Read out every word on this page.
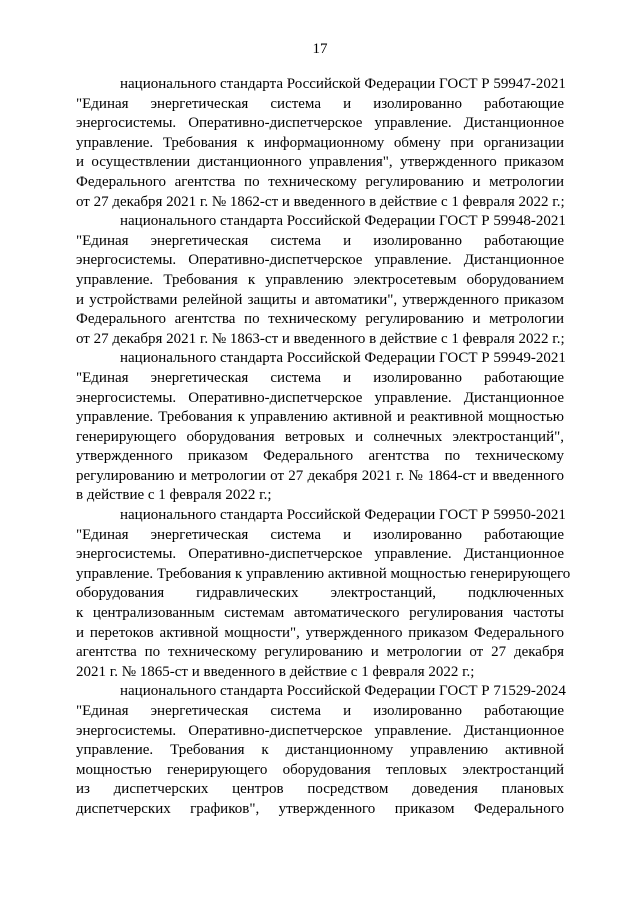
17

национального стандарта Российской Федерации ГОСТ Р 59947-2021
"Единая энергетическая система и изолированно работающие
энергосистемы. Оперативно-диспетчерское управление. Дистанционное
управление. Требования к информационному обмену при организации
и осуществлении дистанционного управления", утвержденного приказом
Федерального агентства по техническому регулированию и метрологии
от 27 декабря 2021 г. № 1862-ст и введенного в действие с 1 февраля 2022 г.;

национального стандарта Российской Федерации ГОСТ Р 59948-2021
"Единая энергетическая система и изолированно работающие
энергосистемы. Оперативно-диспетчерское управление. Дистанционное
управление. Требования к управлению электросетевым оборудованием
и устройствами релейной защиты и автоматики", утвержденного приказом
Федерального агентства по техническому регулированию и метрологии
от 27 декабря 2021 г. № 1863-ст и введенного в действие с 1 февраля 2022 г.;

национального стандарта Российской Федерации ГОСТ Р 59949-2021
"Единая энергетическая система и изолированно работающие
энергосистемы. Оперативно-диспетчерское управление. Дистанционное
управление. Требования к управлению активной и реактивной мощностью
генерирующего оборудования ветровых и солнечных электростанций",
утвержденного приказом Федерального агентства по техническому
регулированию и метрологии от 27 декабря 2021 г. № 1864-ст и введенного
в действие с 1 февраля 2022 г.;

национального стандарта Российской Федерации ГОСТ Р 59950-2021
"Единая энергетическая система и изолированно работающие
энергосистемы. Оперативно-диспетчерское управление. Дистанционное
управление. Требования к управлению активной мощностью генерирующего
оборудования гидравлических электростанций, подключенных
к централизованным системам автоматического регулирования частоты
и перетоков активной мощности", утвержденного приказом Федерального
агентства по техническому регулированию и метрологии от 27 декабря
2021 г. № 1865-ст и введенного в действие с 1 февраля 2022 г.;

национального стандарта Российской Федерации ГОСТ Р 71529-2024
"Единая энергетическая система и изолированно работающие
энергосистемы. Оперативно-диспетчерское управление. Дистанционное
управление. Требования к дистанционному управлению активной
мощностью генерирующего оборудования тепловых электростанций
из диспетчерских центров посредством доведения плановых
диспетчерских графиков", утвержденного приказом Федерального
